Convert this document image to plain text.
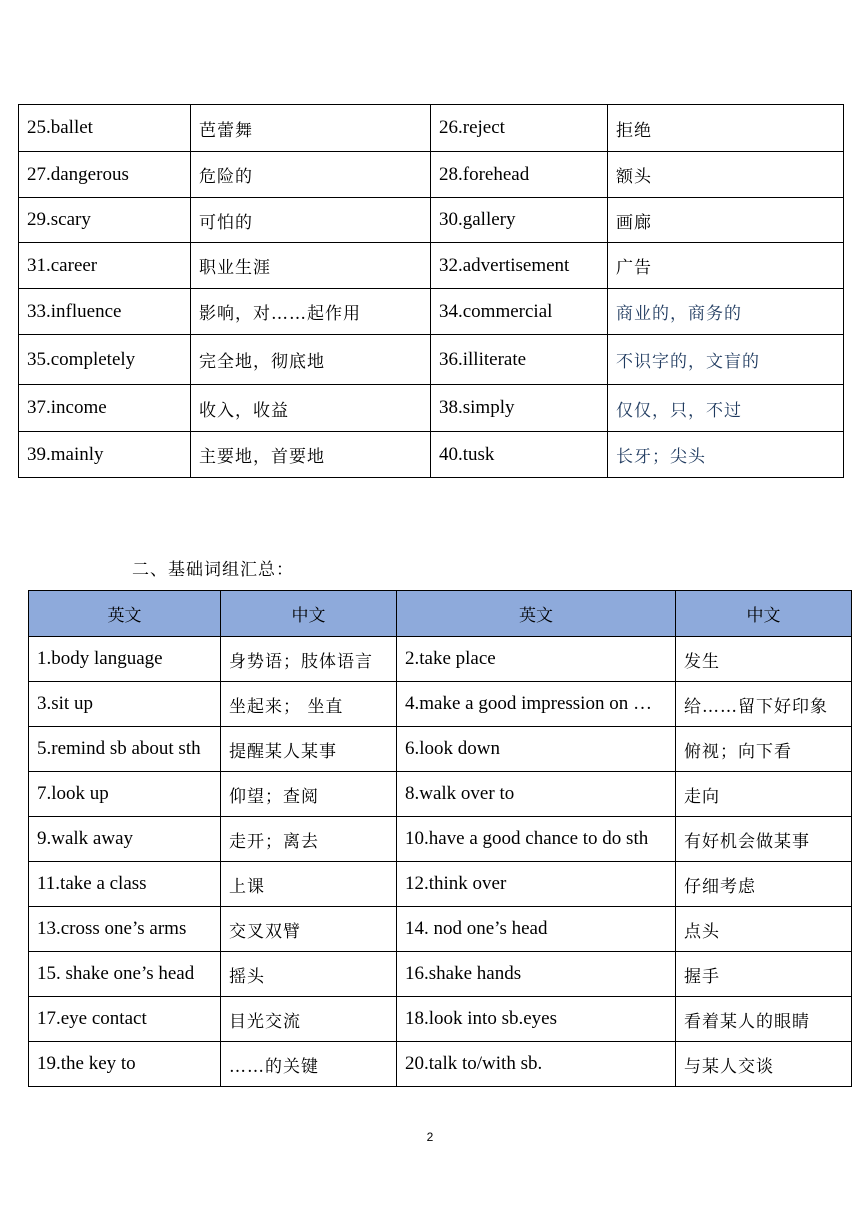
25.ballet	芭蕾舞	26.reject	拒绝
27.dangerous	危险的	28.forehead	额头
29.scary	可怕的	30.gallery	画廊
31.career	职业生涯	32.advertisement	广告
33.influence	影响，对……起作用	34.commercial	商业的，商务的
35.completely	完全地，彻底地	36.illiterate	不识字的，文盲的
37.income	收入，收益	38.simply	仅仅，只，不过
39.mainly	主要地，首要地	40.tusk	长牙；尖头
二、基础词组汇总：
英文	中文	英文	中文
1.body language	身势语；肢体语言	2.take place	发生
3.sit up	坐起来； 坐直	4.make a good impression on …	给……留下好印象
5.remind sb about sth	提醒某人某事	6.look down	俯视；向下看
7.look up	仰望；查阅	8.walk over to	走向
9.walk away	走开；离去	10.have a good chance to do sth	有好机会做某事
11.take a class	上课	12.think over	仔细考虑
13.cross one’s arms	交叉双臂	14. nod one’s head	点头
15. shake one’s head	摇头	16.shake hands	握手
17.eye contact	目光交流	18.look into sb.eyes	看着某人的眼睛
19.the key to	……的关键	20.talk to/with sb.	与某人交谈
2
